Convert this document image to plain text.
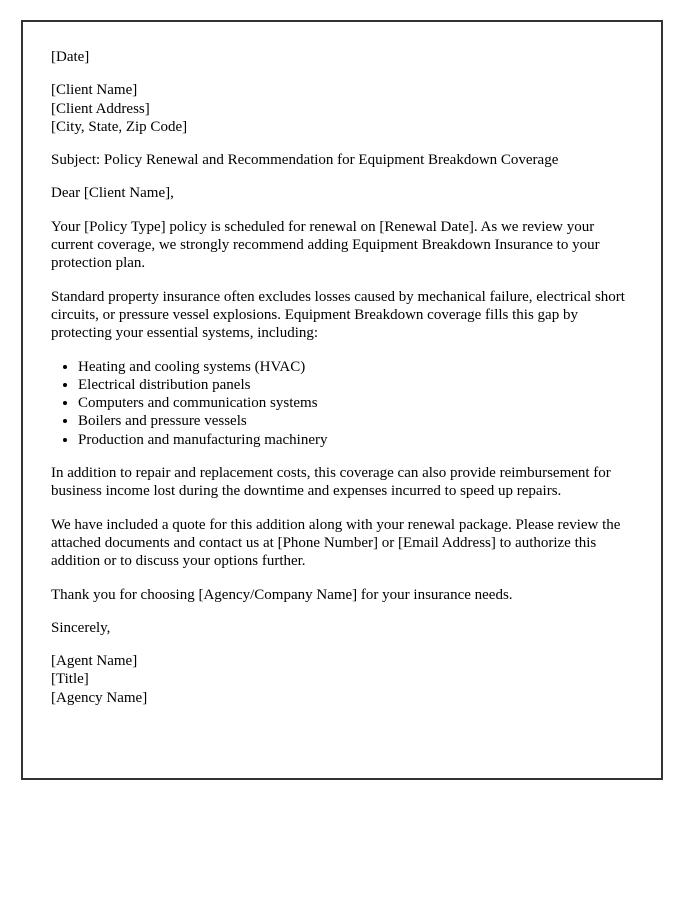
[Date]

[Client Name]

[Client Address]

[City, State, Zip Code]

Subject: Policy Renewal and Recommendation for Equipment Breakdown Coverage

Dear [Client Name],

Your [Policy Type] policy is scheduled for renewal on [Renewal Date]. As we review your current coverage, we strongly recommend adding Equipment Breakdown Insurance to your protection plan.

Standard property insurance often excludes losses caused by mechanical failure, electrical short circuits, or pressure vessel explosions. Equipment Breakdown coverage fills this gap by protecting your essential systems, including:

• Heating and cooling systems (HVAC)
• Electrical distribution panels
• Computers and communication systems
• Boilers and pressure vessels
• Production and manufacturing machinery

In addition to repair and replacement costs, this coverage can also provide reimbursement for business income lost during the downtime and expenses incurred to speed up repairs.

We have included a quote for this addition along with your renewal package. Please review the attached documents and contact us at [Phone Number] or [Email Address] to authorize this addition or to discuss your options further.

Thank you for choosing [Agency/Company Name] for your insurance needs.

Sincerely,

[Agent Name]

[Title]

[Agency Name]
